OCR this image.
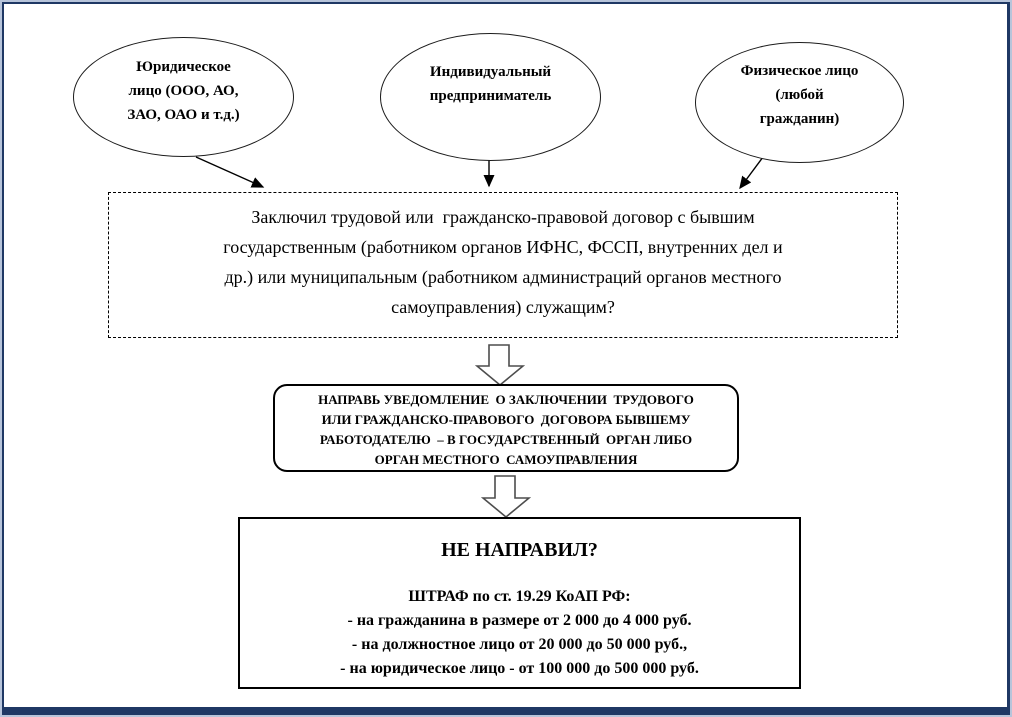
Юридическое
лицо (ООО, АО,
ЗАО, ОАО и т.д.)
Индивидуальный
предприниматель
Физическое лицо
(любой
гражданин)
Заключил трудовой или  гражданско-правовой договор с бывшим
государственным (работником органов ИФНС, ФССП, внутренних дел и
др.) или муниципальным (работником администраций органов местного
самоуправления) служащим?
НАПРАВЬ УВЕДОМЛЕНИЕ  О ЗАКЛЮЧЕНИИ  ТРУДОВОГО
ИЛИ ГРАЖДАНСКО-ПРАВОВОГО  ДОГОВОРА БЫВШЕМУ
РАБОТОДАТЕЛЮ  – В ГОСУДАРСТВЕННЫЙ  ОРГАН ЛИБО
ОРГАН МЕСТНОГО  САМОУПРАВЛЕНИЯ
НЕ НАПРАВИЛ?
ШТРАФ по ст. 19.29 КоАП РФ:
- на гражданина в размере от 2 000 до 4 000 руб.
- на должностное лицо от 20 000 до 50 000 руб.,
- на юридическое лицо - от 100 000 до 500 000 руб.
